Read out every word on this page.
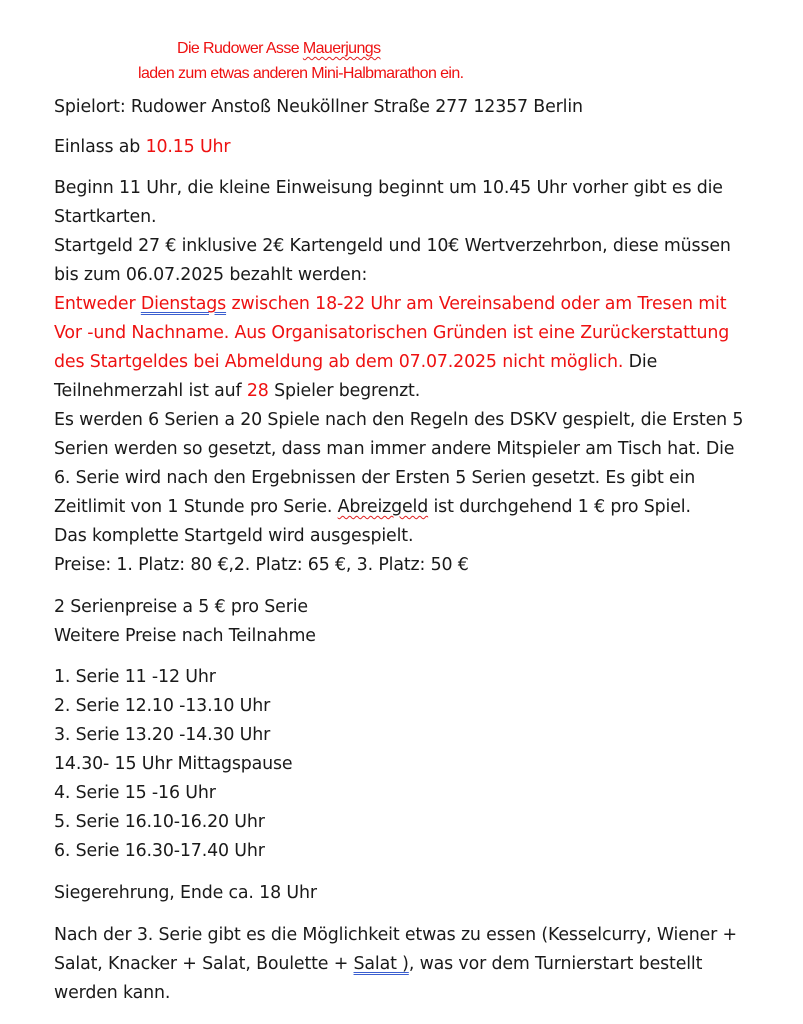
Die Rudower Asse Mauerjungs
laden zum etwas anderen Mini-Halbmarathon ein.
Spielort: Rudower Anstoß Neuköllner Straße 277 12357 Berlin
Einlass ab 10.15 Uhr
Beginn 11 Uhr, die kleine Einweisung beginnt um 10.45 Uhr vorher gibt es die
Startkarten.
Startgeld 27 € inklusive 2€ Kartengeld und 10€ Wertverzehrbon, diese müssen
bis zum 06.07.2025 bezahlt werden:
Entweder Dienstags zwischen 18-22 Uhr am Vereinsabend oder am Tresen mit
Vor -und Nachname. Aus Organisatorischen Gründen ist eine Zurückerstattung
des Startgeldes bei Abmeldung ab dem 07.07.2025 nicht möglich. Die
Teilnehmerzahl ist auf 28 Spieler begrenzt.
Es werden 6 Serien a 20 Spiele nach den Regeln des DSKV gespielt, die Ersten 5
Serien werden so gesetzt, dass man immer andere Mitspieler am Tisch hat. Die
6. Serie wird nach den Ergebnissen der Ersten 5 Serien gesetzt. Es gibt ein
Zeitlimit von 1 Stunde pro Serie. Abreizgeld ist durchgehend 1 € pro Spiel.
Das komplette Startgeld wird ausgespielt.
Preise: 1. Platz: 80 €,2. Platz: 65 €, 3. Platz: 50 €
2 Serienpreise a 5 € pro Serie
Weitere Preise nach Teilnahme
1. Serie 11 -12 Uhr
2. Serie 12.10 -13.10 Uhr
3. Serie 13.20 -14.30 Uhr
14.30- 15 Uhr Mittagspause
4. Serie 15 -16 Uhr
5. Serie 16.10-16.20 Uhr
6. Serie 16.30-17.40 Uhr
Siegerehrung, Ende ca. 18 Uhr
Nach der 3. Serie gibt es die Möglichkeit etwas zu essen (Kesselcurry, Wiener +
Salat, Knacker + Salat, Boulette + Salat ), was vor dem Turnierstart bestellt
werden kann.
